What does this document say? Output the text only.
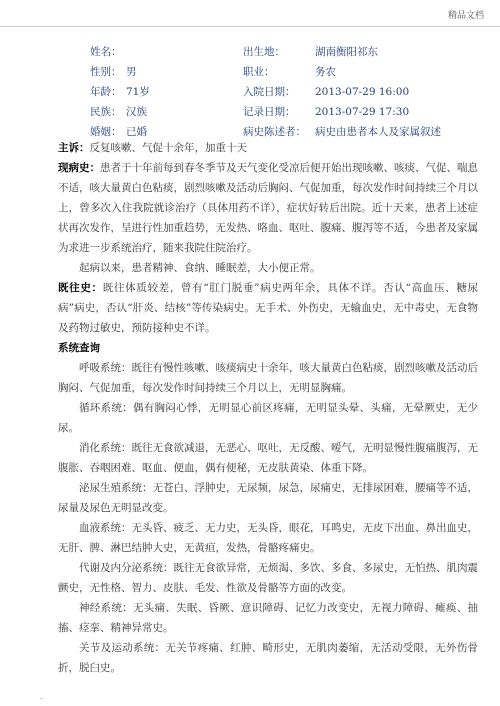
精品文档
姓名：	出生地：	湖南衡阳祁东
性别： 男	职业：	务农
年龄： 71岁	入院日期： 2013-07-29 16:00
民族： 汉族	记录日期： 2013-07-29 17:30
婚姻： 已婚	病史陈述者： 病史由患者本人及家属叙述

主诉：反复咳嗽、气促十余年，加重十天

现病史：患者于十年前每到春冬季节及天气变化受凉后便开始出现咳嗽、咳痰、气促、喘息不适，咳大量黄白色粘痰，剧烈咳嗽及活动后胸闷、气促加重，每次发作时间持续三个月以上，曾多次入住我院就诊治疗（具体用药不详），症状好转后出院。近十天来，患者上述症状再次发作，呈进行性加重趋势，无发热、咯血、呕吐、腹痛、腹泻等不适，今患者及家属为求进一步系统治疗，随来我院住院治疗。

起病以来，患者精神、食纳、睡眠差，大小便正常。

既往史：既往体质较差，曾有“肛门脱垂”病史两年余，具体不详。否认“高血压、糖尿病”病史，否认“肝炎、结核”等传染病史。无手术、外伤史，无输血史，无中毒史，无食物及药物过敏史，预防接种史不详。

系统查询

呼吸系统：既往有慢性咳嗽、咳痰病史十余年，咳大量黄白色粘痰，剧烈咳嗽及活动后胸闷、气促加重，每次发作时间持续三个月以上，无明显胸痛。

循环系统：偶有胸闷心悸，无明显心前区疼痛，无明显头晕、头痛，无晕厥史，无少尿。

消化系统：既往无食欲减退，无恶心、呕吐，无反酸、嗳气，无明显慢性腹痛腹泻，无腹胀、吞咽困难、呕血、便血，偶有便秘，无皮肤黄染、体重下降。

泌尿生殖系统：无苍白、浮肿史，无尿频，尿急，尿痛史，无排尿困难，腰痛等不适，尿量及尿色无明显改变。

血液系统：无头昏、疲乏、无力史，无头昏，眼花，耳鸣史，无皮下出血、鼻出血史，无肝、脾、淋巴结肿大史，无黄疸，发热，骨骼疼痛史。

代谢及内分泌系统：既往无食欲异常，无烦渴、多饮、多食、多尿史，无怕热、肌肉震颤史，无性格、智力、皮肤、毛发、性欲及骨骼等方面的改变。

神经系统：无头痛、失眠、昏厥、意识障碍、记忆力改变史，无视力障碍、瘫痪、抽搐、痉挛、精神异常史。

关节及运动系统：无关节疼痛、红肿、畸形史，无肌肉萎缩，无活动受限，无外伤骨折，脱臼史。

.
